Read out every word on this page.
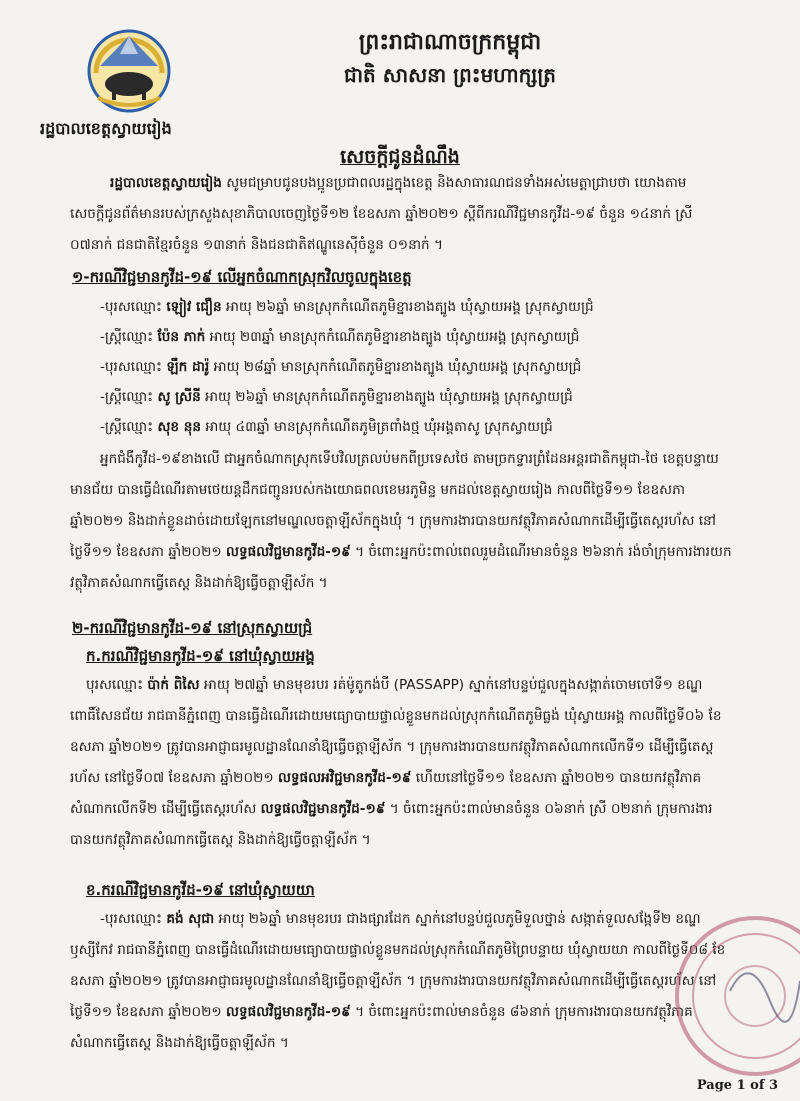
រដ្ឋបាលខេត្តស្វាយរៀង
ព្រះរាជាណាចក្រកម្ពុជា
ជាតិ សាសនា ព្រះមហាក្សត្រ
សេចក្តីជូនដំណឹង

រដ្ឋបាលខេត្តស្វាយរៀង សូមជម្រាបជូនបងប្អូនប្រជាពលរដ្ឋក្នុងខេត្ត និងសាធារណជនទាំងអស់មេត្តាជ្រាបថា យោងតាមសេចក្តីជូនព័ត៌មានរបស់ក្រសួងសុខាភិបាលចេញថ្ងៃទី១២ ខែឧសភា ឆ្នាំ២០២១ ស្តីពីករណីវិជ្ជមានកូវីដ-១៩ ចំនួន ១៤នាក់ ស្រី ០៧នាក់ ជនជាតិខ្មែរចំនួន ១៣នាក់ និងជនជាតិឥណ្ឌូនេស៊ីចំនួន ០១នាក់ ។

១-ករណីវិជ្ជមានកូវីដ-១៩ លើអ្នកចំណាកស្រុកវិលចូលក្នុងខេត្ត
-បុរសឈ្មោះ ឡៀវ ជឿន អាយុ ២៦ឆ្នាំ មានស្រុកកំណើតភូមិខ្នារខាងត្បូង ឃុំស្វាយអង្គ ស្រុកស្វាយជ្រំ
-ស្ត្រីឈ្មោះ ប៉ែន ភាក់ អាយុ ២៣ឆ្នាំ មានស្រុកកំណើតភូមិខ្នារខាងត្បូង ឃុំស្វាយអង្គ ស្រុកស្វាយជ្រំ
-បុរសឈ្មោះ ឡឹក ដារ៉ូ អាយុ ២៨ឆ្នាំ មានស្រុកកំណើតភូមិខ្នារខាងត្បូង ឃុំស្វាយអង្គ ស្រុកស្វាយជ្រំ
-ស្ត្រីឈ្មោះ សូ ស្រីនី អាយុ ២៦ឆ្នាំ មានស្រុកកំណើតភូមិខ្នារខាងត្បូង ឃុំស្វាយអង្គ ស្រុកស្វាយជ្រំ
-ស្ត្រីឈ្មោះ សុខ នុន អាយុ ៤៣ឆ្នាំ មានស្រុកកំណើតភូមិត្រពាំងថ្ម ឃុំអង្គតាសូ ស្រុកស្វាយជ្រំ

អ្នកជំងឺកូវីដ-១៩ខាងលើ ជាអ្នកចំណាកស្រុកទើបវិលត្រលប់មកពីប្រទេសថៃ តាមច្រកទ្វារព្រំដែនអន្តរជាតិកម្ពុជា-ថៃ ខេត្តបន្ទាយមានជ័យ បានធ្វើដំណើរតាមថេយន្តដឹកជញ្ជូនរបស់កងយោធពលខេមរភូមិន្ទ មកដល់ខេត្តស្វាយរៀង កាលពីថ្ងៃទី១១ ខែឧសភា ឆ្នាំ២០២១ និងដាក់ខ្លួនដាច់ដោយឡែកនៅមណ្ឌលចត្តាឡីស័កក្នុងឃុំ ។ ក្រុមការងារបានយកវត្ថុវិភាគសំណាកដើម្បីធ្វើតេស្តរហ័ស នៅថ្ងៃទី១១ ខែឧសភា ឆ្នាំ២០២១ លទ្ធផលវិជ្ជមានកូវីដ-១៩ ។ ចំពោះអ្នកប៉ះពាល់ពេលរួមដំណើរមានចំនួន ២៦នាក់ រង់ចាំក្រុមការងារយកវត្ថុវិភាគសំណាកធ្វើតេស្ត និងដាក់ឱ្យធ្វើចត្តាឡីស័ក ។

២-ករណីវិជ្ជមានកូវីដ-១៩ នៅស្រុកស្វាយជ្រំ
ក.ករណីវិជ្ជមានកូវីដ-១៩ នៅឃុំស្វាយអង្គ

បុរសឈ្មោះ ប៉ាក់ ពិសៃ អាយុ ២៧ឆ្នាំ មានមុខរបរ រត់ម៉ូតូកង់បី (PASSAPP) ស្នាក់នៅបន្ទប់ជួលក្នុងសង្កាត់ចោមចៅទី១ ខណ្ឌពោធិ៍សែនជ័យ រាជធានីភ្នំពេញ បានធ្វើដំណើរដោយមធ្យោបាយផ្ទាល់ខ្លួនមកដល់ស្រុកកំណើតភូមិធ្លង់ ឃុំស្វាយអង្គ កាលពីថ្ងៃទី០៦ ខែឧសភា ឆ្នាំ២០២១ ត្រូវបានអាជ្ញាធរមូលដ្ឋានណែនាំឱ្យធ្វើចត្តាឡីស័ក ។ ក្រុមការងារបានយកវត្ថុវិភាគសំណាកលើកទី១ ដើម្បីធ្វើតេស្តរហ័ស នៅថ្ងៃទី០៧ ខែឧសភា ឆ្នាំ២០២១ លទ្ធផលអវិជ្ជមានកូវីដ-១៩ ហើយនៅថ្ងៃទី១១ ខែឧសភា ឆ្នាំ២០២១ បានយកវត្ថុវិភាគសំណាកលើកទី២ ដើម្បីធ្វើតេស្តរហ័ស លទ្ធផលវិជ្ជមានកូវីដ-១៩ ។ ចំពោះអ្នកប៉ះពាល់មានចំនួន ០៦នាក់ ស្រី ០២នាក់ ក្រុមការងារបានយកវត្ថុវិភាគសំណាកធ្វើតេស្ត និងដាក់ឱ្យធ្វើចត្តាឡីស័ក ។

ខ.ករណីវិជ្ជមានកូវីដ-១៩ នៅឃុំស្វាយយា

-បុរសឈ្មោះ គង់ សុជា អាយុ ២៦ឆ្នាំ មានមុខរបរ ជាងផ្សារដែក ស្នាក់នៅបន្ទប់ជួលភូមិទួលថ្នាន់ សង្កាត់ទួលសង្កែទី២ ខណ្ឌឫស្សីកែវ រាជធានីភ្នំពេញ បានធ្វើដំណើរដោយមធ្យោបាយផ្ទាល់ខ្លួនមកដល់ស្រុកកំណើតភូមិព្រៃបន្ទាយ ឃុំស្វាយយា កាលពីថ្ងៃទី០៨ ខែឧសភា ឆ្នាំ២០២១ ត្រូវបានអាជ្ញាធរមូលដ្ឋានណែនាំឱ្យធ្វើចត្តាឡីស័ក ។ ក្រុមការងារបានយកវត្ថុវិភាគសំណាកដើម្បីធ្វើតេស្តរហ័ស នៅថ្ងៃទី១១ ខែឧសភា ឆ្នាំ២០២១ លទ្ធផលវិជ្ជមានកូវីដ-១៩ ។ ចំពោះអ្នកប៉ះពាល់មានចំនួន ៨៦នាក់ ក្រុមការងារបានយកវត្ថុវិភាគសំណាកធ្វើតេស្ត និងដាក់ឱ្យធ្វើចត្តាឡីស័ក ។

Page 1 of 3
